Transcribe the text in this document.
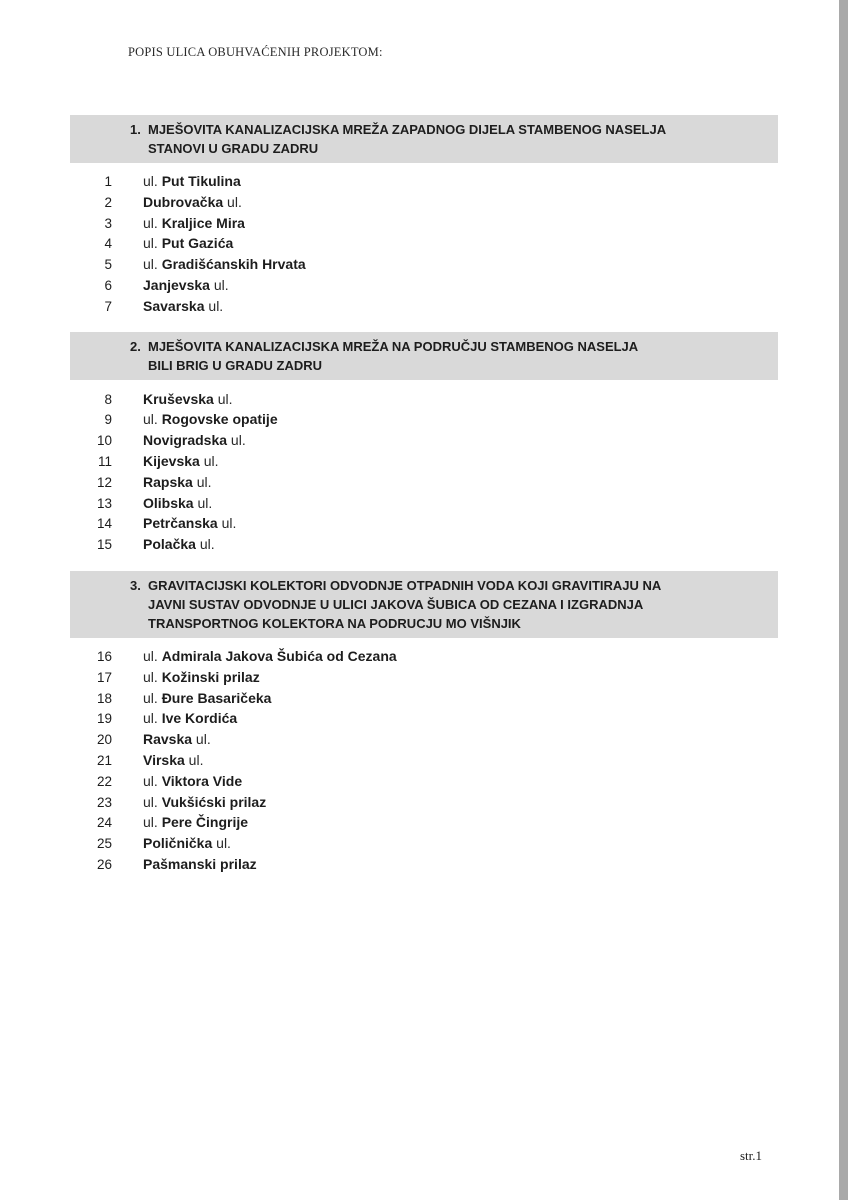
POPIS ULICA OBUHVAĆENIH PROJEKTOM:
1. MJEŠOVITA KANALIZACIJSKA MREŽA ZAPADNOG DIJELA STAMBENOG NASELJA
STANOVI U GRADU ZADRU
1 ul. Put Tikulina
2 Dubrovačka ul.
3 ul. Kraljice Mira
4 ul. Put Gazića
5 ul. Gradišćanskih Hrvata
6 Janjevska ul.
7 Savarska ul.
2. MJEŠOVITA KANALIZACIJSKA MREŽA NA PODRUČJU STAMBENOG NASELJA
BILI BRIG U GRADU ZADRU
8 Kruševska ul.
9 ul. Rogovske opatije
10 Novigradska ul.
11 Kijevska ul.
12 Rapska ul.
13 Olibska ul.
14 Petrčanska ul.
15 Polačka ul.
3. GRAVITACIJSKI KOLEKTORI ODVODNJE OTPADNIH VODA KOJI GRAVITIRAJU NA
JAVNI SUSTAV ODVODNJE U ULICI JAKOVA ŠUBICA OD CEZANA I IZGRADNJA
TRANSPORTNOG KOLEKTORA NA PODRUCJU MO VIŠNJIK
16 ul. Admirala Jakova Šubića od Cezana
17 ul. Kožinski prilaz
18 ul. Đure Basaričeka
19 ul. Ive Kordića
20 Ravska ul.
21 Virska ul.
22 ul. Viktora Vide
23 ul. Vukšićski prilaz
24 ul. Pere Čingrije
25 Poličnička ul.
26 Pašmanski prilaz
str.1
